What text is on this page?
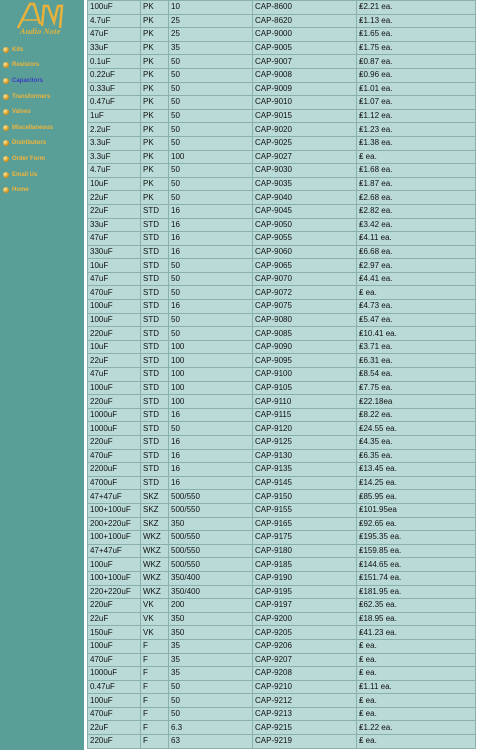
Audio Note
Kits
Resistors
Capacitors
Transformers
Valves
Miscellaneous
Distributors
Order Form
Email Us
Home
100uF	PK	10	CAP-8600	₤2.21 ea.
4.7uF	PK	25	CAP-8620	₤1.13 ea.
47uF	PK	25	CAP-9000	₤1.65 ea.
33uF	PK	35	CAP-9005	₤1.75 ea.
0.1uF	PK	50	CAP-9007	₤0.87 ea.
0.22uF	PK	50	CAP-9008	₤0.96 ea.
0.33uF	PK	50	CAP-9009	₤1.01 ea.
0.47uF	PK	50	CAP-9010	₤1.07 ea.
1uF	PK	50	CAP-9015	₤1.12 ea.
2.2uF	PK	50	CAP-9020	₤1.23 ea.
3.3uF	PK	50	CAP-9025	₤1.38 ea.
3.3uF	PK	100	CAP-9027	₤ ea.
4.7uF	PK	50	CAP-9030	₤1.68 ea.
10uF	PK	50	CAP-9035	₤1.87 ea.
22uF	PK	50	CAP-9040	₤2.68 ea.
22uF	STD	16	CAP-9045	₤2.82 ea.
33uF	STD	16	CAP-9050	₤3.42 ea.
47uF	STD	16	CAP-9055	₤4.11 ea.
330uF	STD	16	CAP-9060	₤6.68 ea.
10uF	STD	50	CAP-9065	₤2.97 ea.
47uF	STD	50	CAP-9070	₤4.41 ea.
470uF	STD	50	CAP-9072	₤ ea.
100uF	STD	16	CAP-9075	₤4.73 ea.
100uF	STD	50	CAP-9080	₤5.47 ea.
220uF	STD	50	CAP-9085	₤10.41 ea.
10uF	STD	100	CAP-9090	₤3.71 ea.
22uF	STD	100	CAP-9095	₤6.31 ea.
47uF	STD	100	CAP-9100	₤8.54 ea.
100uF	STD	100	CAP-9105	₤7.75 ea.
220uF	STD	100	CAP-9110	₤22.18ea
1000uF	STD	16	CAP-9115	₤8.22 ea.
1000uF	STD	50	CAP-9120	₤24.55 ea.
220uF	STD	16	CAP-9125	₤4.35 ea.
470uF	STD	16	CAP-9130	₤6.35 ea.
2200uF	STD	16	CAP-9135	₤13.45 ea.
4700uF	STD	16	CAP-9145	₤14.25 ea.
47+47uF	SKZ	500/550	CAP-9150	₤85.95 ea.
100+100uF	SKZ	500/550	CAP-9155	₤101.95ea
200+220uF	SKZ	350	CAP-9165	₤92.65 ea.
100+100uF	WKZ	500/550	CAP-9175	₤195.35 ea.
47+47uF	WKZ	500/550	CAP-9180	₤159.85 ea.
100uF	WKZ	500/550	CAP-9185	₤144.65 ea.
100+100uF	WKZ	350/400	CAP-9190	₤151.74 ea.
220+220uF	WKZ	350/400	CAP-9195	₤181.95 ea.
220uF	VK	200	CAP-9197	₤62.35 ea.
22uF	VK	350	CAP-9200	₤18.95 ea.
150uF	VK	350	CAP-9205	₤41.23 ea.
100uF	F	35	CAP-9206	₤ ea.
470uF	F	35	CAP-9207	₤ ea.
1000uF	F	35	CAP-9208	₤ ea.
0.47uF	F	50	CAP-9210	₤1.11 ea.
100uF	F	50	CAP-9212	₤ ea.
470uF	F	50	CAP-9213	₤ ea.
22uF	F	6.3	CAP-9215	₤1.22 ea.
220uF	F	63	CAP-9219	₤ ea.
